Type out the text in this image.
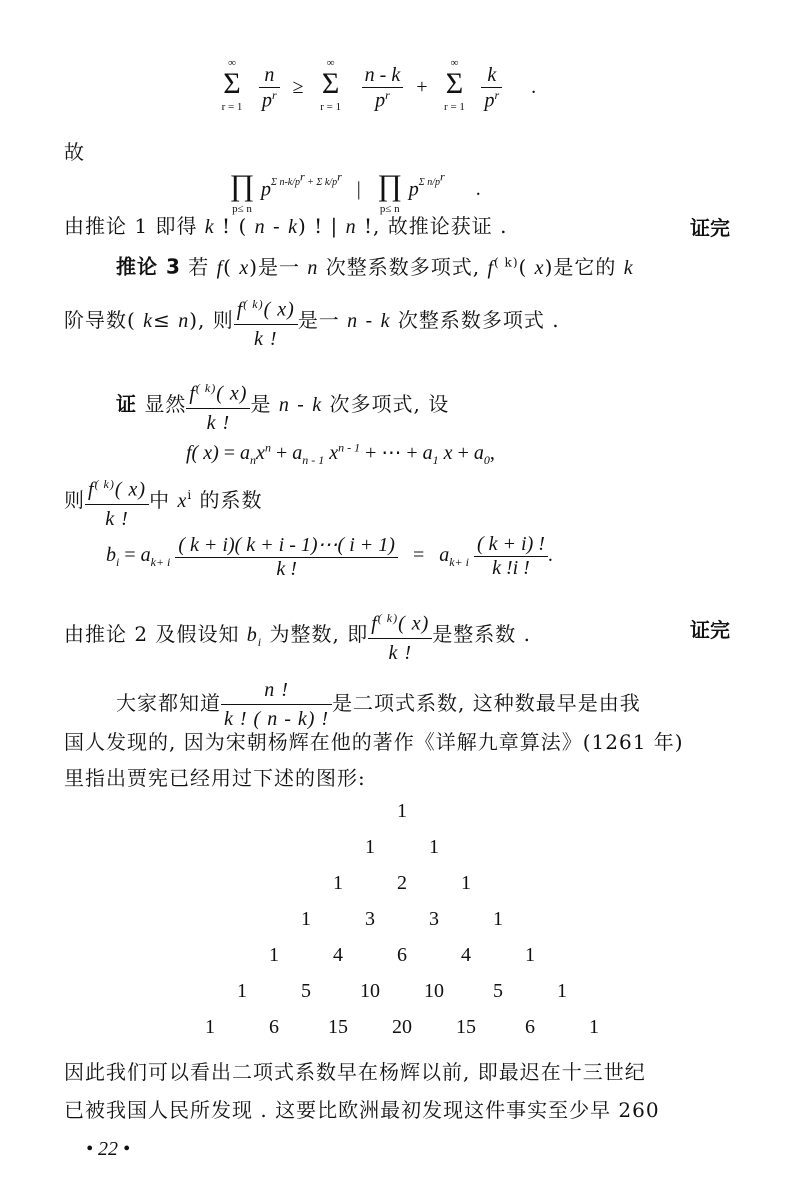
∞
Σ
r = 1
$\frac{n}{p^r}$ ≥
∞
Σ
r = 1
$\frac{n - k}{p^r}$ +
∞
Σ
r = 1
$\frac{k}{p^r}$ .
故
∏
p≤ n
$p^{\Sigma n-k/p^r + \Sigma k/p^r}$ | ∏
p≤ n
$p^{\Sigma n/p^r}$ .
由推论 1 即得 k ! ( n - k) ! | n !, 故推论获证 .	证完
推论 3 若 f( x)是一 n 次整系数多项式, $f^{( k)}$( x)是它的 k
阶导数( k≤ n), 则 $\frac{f^{( k)}( x)}{k !}$ 是一 n - k 次整系数多项式 .
证 显然 $\frac{f^{( k)}( x)}{k !}$ 是 n - k 次多项式, 设
f( $x) = a_nx^n + a_{n - 1}$ $x^{n - 1}$ + ⋯ + $a_1$ $x + a_0$,
则 $\frac{f^{( k)}( x)}{k !}$ 中 $x^i$ 的系数
$b_i = a_{k+ i} \frac{( k + i)( k + i - 1)\cdots( i + 1)}{k !} = a_{k+ i} \frac{( k + i) !}{k !i !}$ .
由推论 2 及假设知 $b_i$ 为整数, 即 $\frac{f^{( k)}( x)}{k !}$ 是整系数 .	证完
大家都知道 $\frac{n !}{k ! ( n - k) !}$ 是二项式系数, 这种数最早是由我
国人发现的, 因为宋朝杨辉在他的著作《详解九章算法》(1261 年)
里指出贾宪已经用过下述的图形:
1
1	1
1	2	1
1	3	3	1
1	4	6	4	1
1	5	10	10	5	1
1	6	15	20	15	6	1
因此我们可以看出二项式系数早在杨辉以前, 即最迟在十三世纪
已被我国人民所发现 . 这要比欧洲最初发现这件事实至少早 260
• 22 •
